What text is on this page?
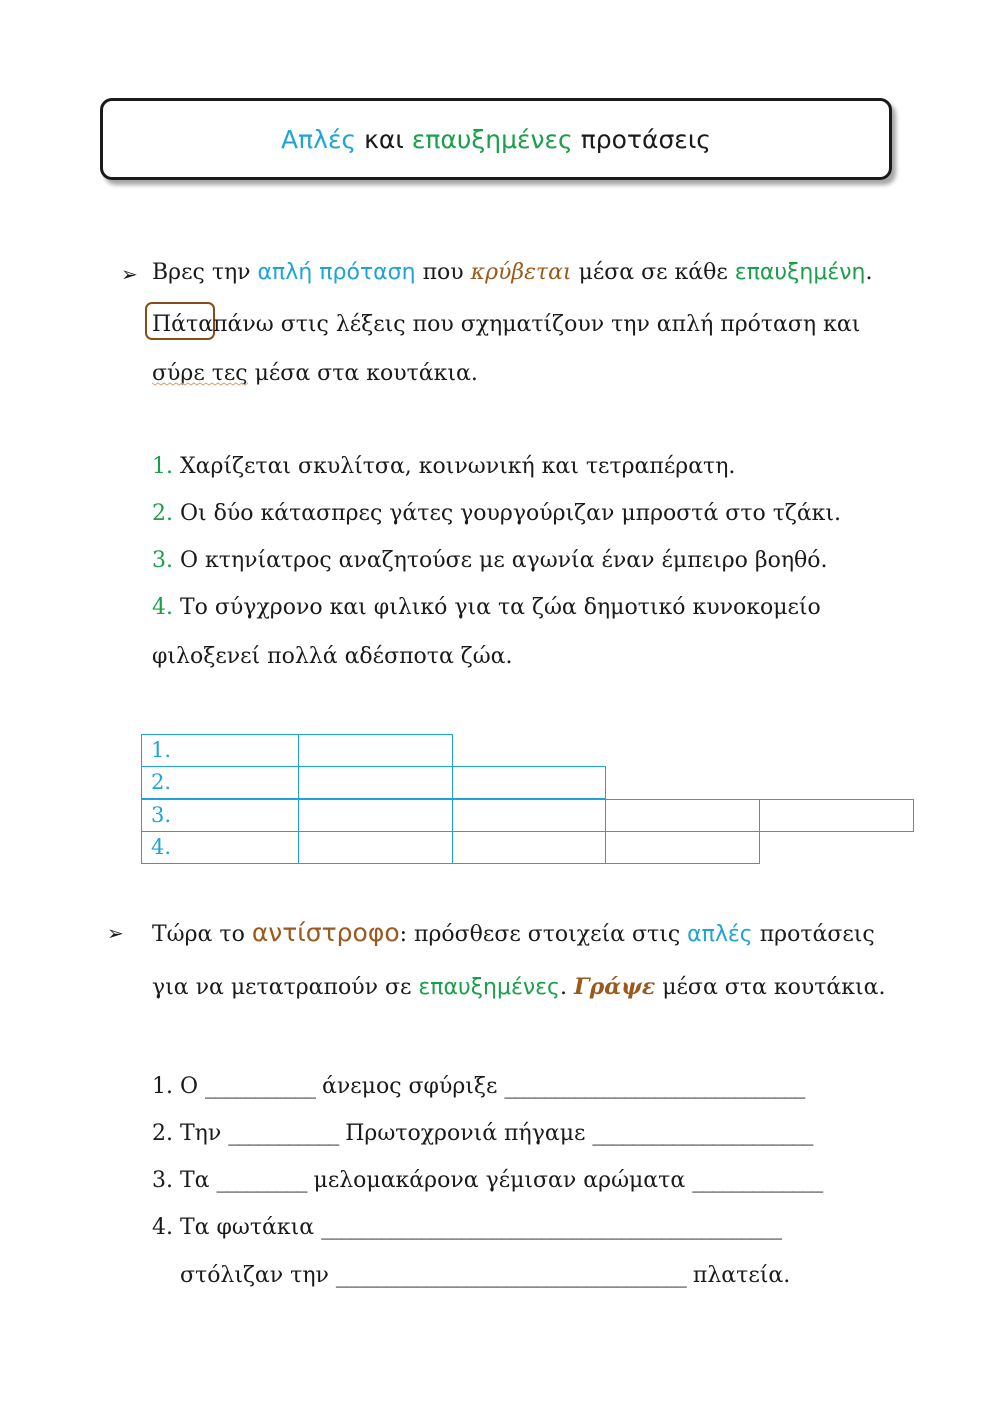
Απλές και επαυξημένες προτάσεις
➢ Βρες την απλή πρόταση που κρύβεται μέσα σε κάθε επαυξημένη.
Πάταπάνω στις λέξεις που σχηματίζουν την απλή πρόταση και
σύρε τες μέσα στα κουτάκια.
1. Χαρίζεται σκυλίτσα, κοινωνική και τετραπέρατη.
2. Οι δύο κάτασπρες γάτες γουργούριζαν μπροστά στο τζάκι.
3. Ο κτηνίατρος αναζητούσε με αγωνία έναν έμπειρο βοηθό.
4. Το σύγχρονο και φιλικό για τα ζώα δημοτικό κυνοκομείο
φιλοξενεί πολλά αδέσποτα ζώα.
1.
2.
3.
4.
➢ Τώρα το αντίστροφο: πρόσθεσε στοιχεία στις απλές προτάσεις
για να μετατραπούν σε επαυξημένες. Γράψε μέσα στα κουτάκια.
1. Ο ___________ άνεμος σφύριξε ______________________________
2. Την ___________ Πρωτοχρονιά πήγαμε ______________________
3. Τα _________ μελομακάρονα γέμισαν αρώματα _____________
4. Τα φωτάκια ______________________________________________
στόλιζαν την ___________________________________ πλατεία.
